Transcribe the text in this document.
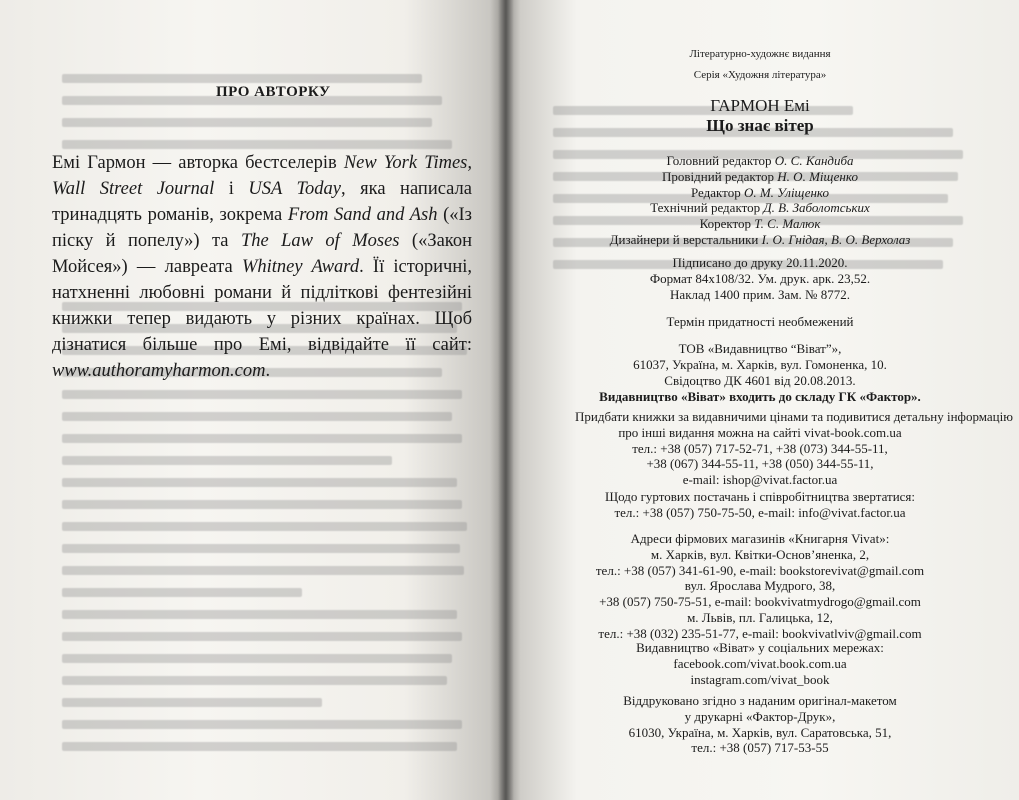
ПРО АВТОРКУ
Емі Гармон — авторка бестселерів New York Times, Wall Street Journal і USA Today, яка написала тринадцять романів, зокрема From Sand and Ash («Із піску й попелу») та The Law of Moses («Закон Мойсея») — лавреата Whitney Award. Її історичні, натхненні любовні романи й підліткові фентезійні книжки тепер видають у різних країнах. Щоб дізнатися більше про Емі, відвідайте її сайт: www.authoramyharmon.com.
Літературно-художнє видання
Серія «Художня література»
ГАРМОН Емі
Що знає вітер
Головний редактор О. С. Кандиба
Провідний редактор Н. О. Міщенко
Редактор О. М. Уліщенко
Технічний редактор Д. В. Заболотських
Коректор Т. С. Малюк
Дизайнери й верстальники І. О. Гнідая, В. О. Верхолаз
Підписано до друку 20.11.2020.
Формат 84x108/32. Ум. друк. арк. 23,52.
Наклад 1400 прим. Зам. № 8772.
Термін придатності необмежений
ТОВ «Видавництво “Віват”»,
61037, Україна, м. Харків, вул. Гомоненка, 10.
Свідоцтво ДК 4601 від 20.08.2013.
Видавництво «Віват» входить до складу ГК «Фактор».
Придбати книжки за видавничими цінами та подивитися детальну інформацію
про інші видання можна на сайті vivat-book.com.ua
тел.: +38 (057) 717-52-71, +38 (073) 344-55-11,
+38 (067) 344-55-11, +38 (050) 344-55-11,
e-mail: ishop@vivat.factor.ua
Щодо гуртових постачань і співробітництва звертатися:
тел.: +38 (057) 750-75-50, e-mail: info@vivat.factor.ua
Адреси фірмових магазинів «Книгарня Vivat»:
м. Харків, вул. Квітки-Основ’яненка, 2,
тел.: +38 (057) 341-61-90, e-mail: bookstorevivat@gmail.com
вул. Ярослава Мудрого, 38,
+38 (057) 750-75-51, e-mail: bookvivatmydrogo@gmail.com
м. Львів, пл. Галицька, 12,
тел.: +38 (032) 235-51-77, e-mail: bookvivatlviv@gmail.com
Видавництво «Віват» у соціальних мережах:
facebook.com/vivat.book.com.ua
instagram.com/vivat_book
Віддруковано згідно з наданим оригінал-макетом
у друкарні «Фактор-Друк»,
61030, Україна, м. Харків, вул. Саратовська, 51,
тел.: +38 (057) 717-53-55
